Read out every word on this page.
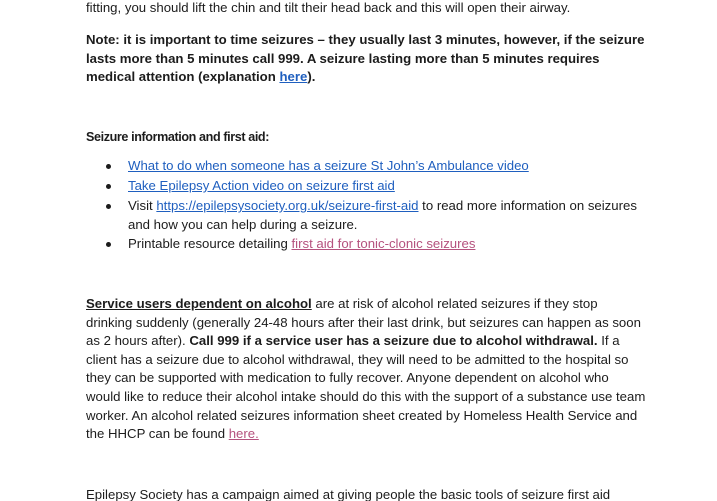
fitting, you should lift the chin and tilt their head back and this will open their airway.

Note: it is important to time seizures – they usually last 3 minutes, however, if the seizure lasts more than 5 minutes call 999. A seizure lasting more than 5 minutes requires medical attention (explanation here).

Seizure information and first aid:
What to do when someone has a seizure St John’s Ambulance video
Take Epilepsy Action video on seizure first aid
Visit https://epilepsysociety.org.uk/seizure-first-aid to read more information on seizures and how you can help during a seizure.
Printable resource detailing first aid for tonic-clonic seizures

Service users dependent on alcohol are at risk of alcohol related seizures if they stop drinking suddenly (generally 24-48 hours after their last drink, but seizures can happen as soon as 2 hours after). Call 999 if a service user has a seizure due to alcohol withdrawal. If a client has a seizure due to alcohol withdrawal, they will need to be admitted to the hospital so they can be supported with medication to fully recover. Anyone dependent on alcohol who would like to reduce their alcohol intake should do this with the support of a substance use team worker. An alcohol related seizures information sheet created by Homeless Health Service and the HHCP can be found here.

Epilepsy Society has a campaign aimed at giving people the basic tools of seizure first aid
